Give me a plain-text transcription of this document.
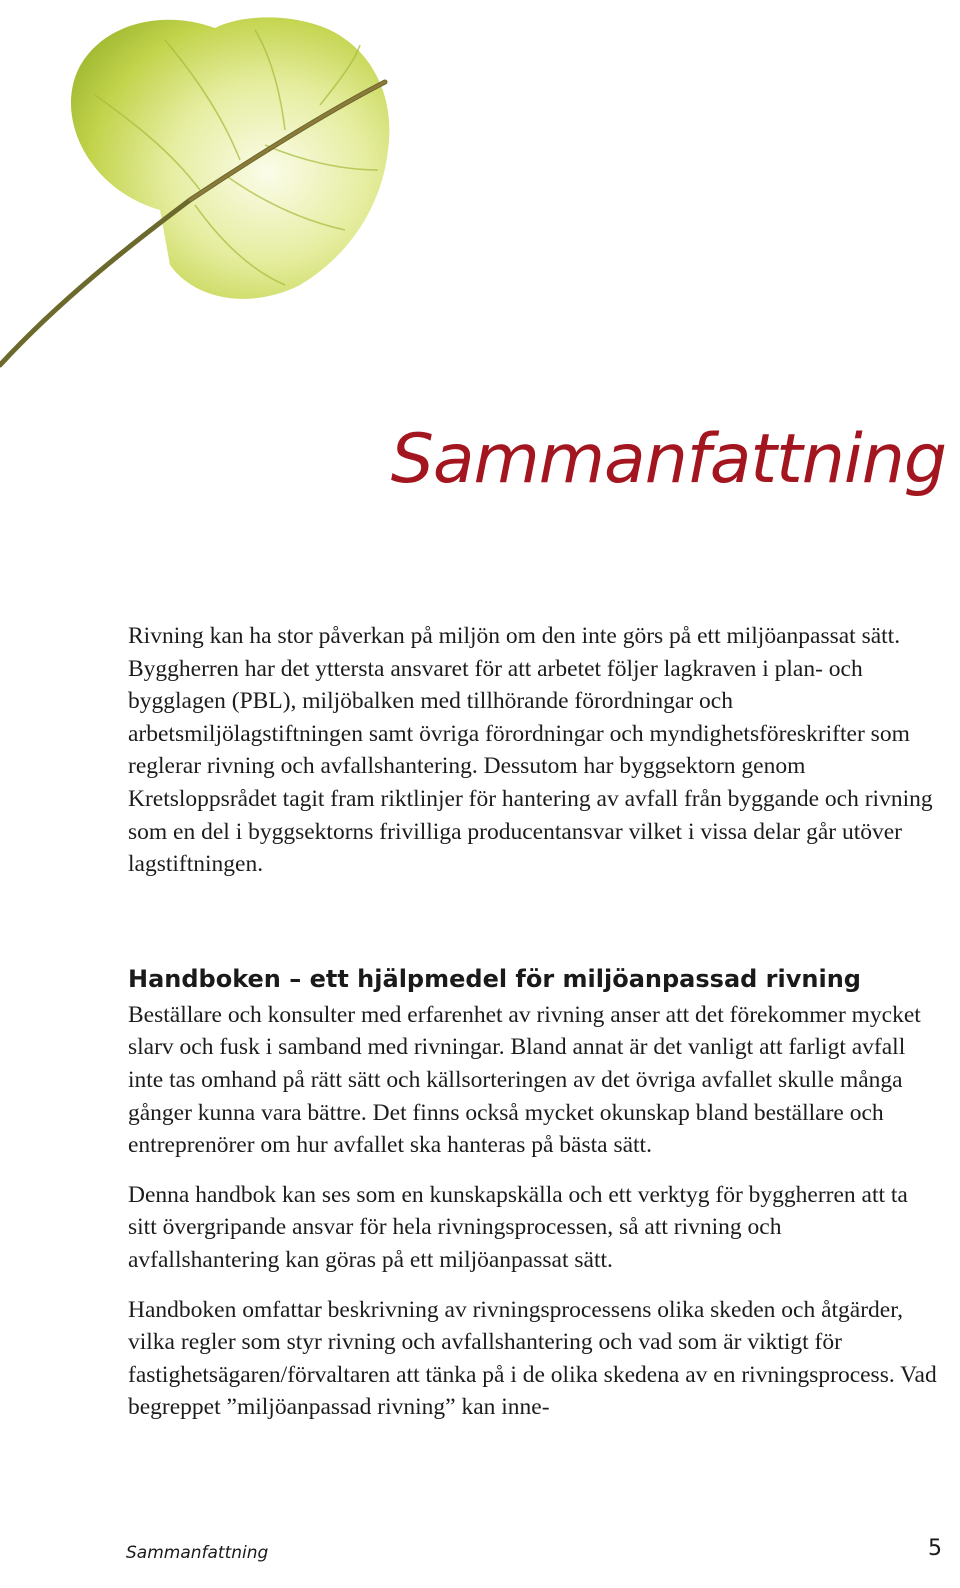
Sammanfattning

Rivning kan ha stor påverkan på miljön om den inte görs på ett miljöanpassat sätt. Byggherren har det yttersta ansvaret för att arbetet följer lagkraven i plan- och bygglagen (PBL), miljöbalken med tillhörande förordningar och arbetsmiljölagstiftningen samt övriga förordningar och myndighetsföreskrifter som reglerar rivning och avfallshantering. Dessutom har byggsektorn genom Kretsloppsrådet tagit fram riktlinjer för hantering av avfall från byggande och rivning som en del i byggsektorns frivilliga producentansvar vilket i vissa delar går utöver lagstiftningen.

Handboken – ett hjälpmedel för miljöanpassad rivning

Beställare och konsulter med erfarenhet av rivning anser att det förekommer mycket slarv och fusk i samband med rivningar. Bland annat är det vanligt att farligt avfall inte tas omhand på rätt sätt och källsorteringen av det övriga avfallet skulle många gånger kunna vara bättre. Det finns också mycket okunskap bland beställare och entreprenörer om hur avfallet ska hanteras på bästa sätt.

Denna handbok kan ses som en kunskapskälla och ett verktyg för byggherren att ta sitt övergripande ansvar för hela rivningsprocessen, så att rivning och avfallshantering kan göras på ett miljöanpassat sätt.

Handboken omfattar beskrivning av rivningsprocessens olika skeden och åtgärder, vilka regler som styr rivning och avfallshantering och vad som är viktigt för fastighetsägaren/förvaltaren att tänka på i de olika skedena av en rivningsprocess. Vad begreppet ”miljöanpassad rivning” kan inne-

Sammanfattning	5
